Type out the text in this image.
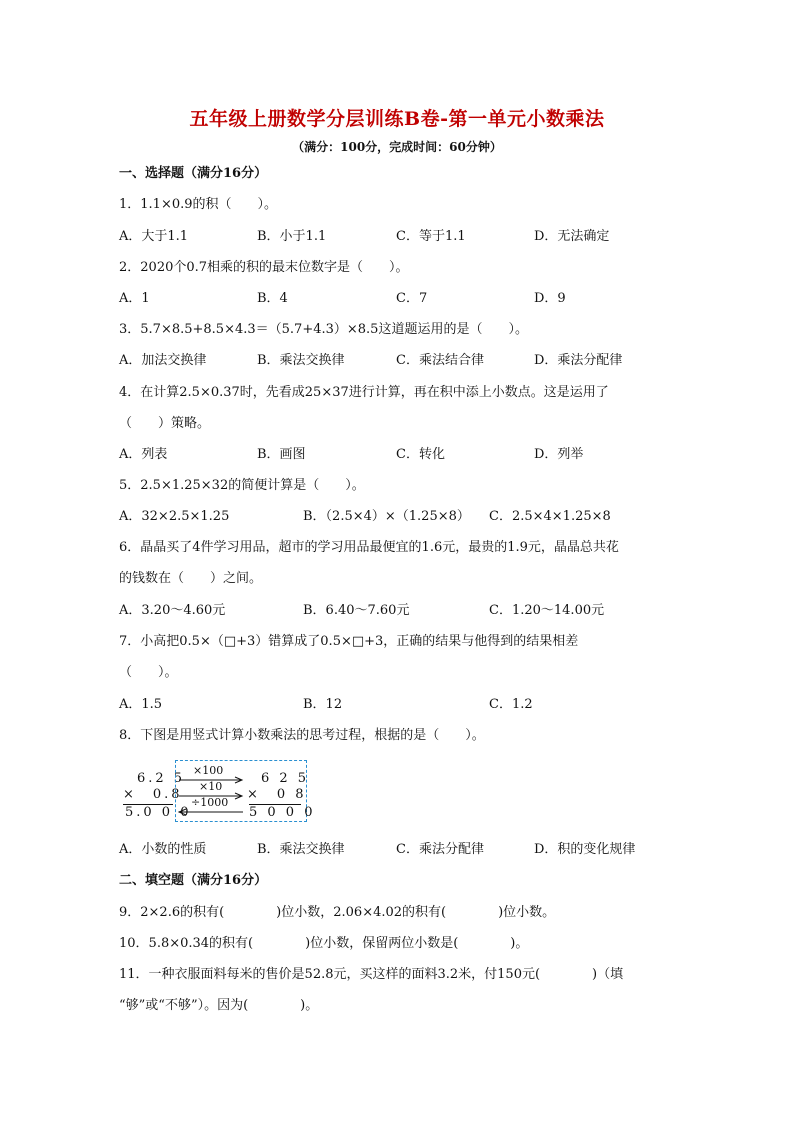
五年级上册数学分层训练B卷-第一单元小数乘法
（满分：100分，完成时间：60分钟）
一、选择题（满分16分）
1．1.1×0.9的积（　　）。
A．大于1.1	B．小于1.1	C．等于1.1	D．无法确定
2．2020个0.7相乘的积的最末位数字是（　　）。
A．1	B．4	C．7	D．9
3．5.7×8.5+8.5×4.3＝（5.7+4.3）×8.5这道题运用的是（　　）。
A．加法交换律	B．乘法交换律	C．乘法结合律	D．乘法分配律
4．在计算2.5×0.37时，先看成25×37进行计算，再在积中添上小数点。这是运用了
（　　）策略。
A．列表	B．画图	C．转化	D．列举
5．2.5×1.25×32的简便计算是（　　）。
A．32×2.5×1.25	B．（2.5×4）×（1.25×8） C．2.5×4×1.25×8
6．晶晶买了4件学习用品，超市的学习用品最便宜的1.6元，最贵的1.9元，晶晶总共花
的钱数在（　　）之间。
A．3.20～4.60元	B．6.40～7.60元	C．1.20～14.00元
7．小高把0.5×（□+3）错算成了0.5×□+3，正确的结果与他得到的结果相差
（　　）。
A．1.5	B．12	C．1.2
8．下图是用竖式计算小数乘法的思考过程，根据的是（　　）。
6.2 5
×　0.8
5.0 0 0
×100
×10
÷1000
6 2 5
×　0 8
5 0 0 0
A．小数的性质	B．乘法交换律	C．乘法分配律	D．积的变化规律
二、填空题（满分16分）
9．2×2.6的积有(　　　　)位小数，2.06×4.02的积有(　　　　)位小数。
10．5.8×0.34的积有(　　　　)位小数，保留两位小数是(　　　　)。
11．一种衣服面料每米的售价是52.8元，买这样的面料3.2米，付150元(　　　　)（填
“够”或“不够”）。因为(　　　　)。
